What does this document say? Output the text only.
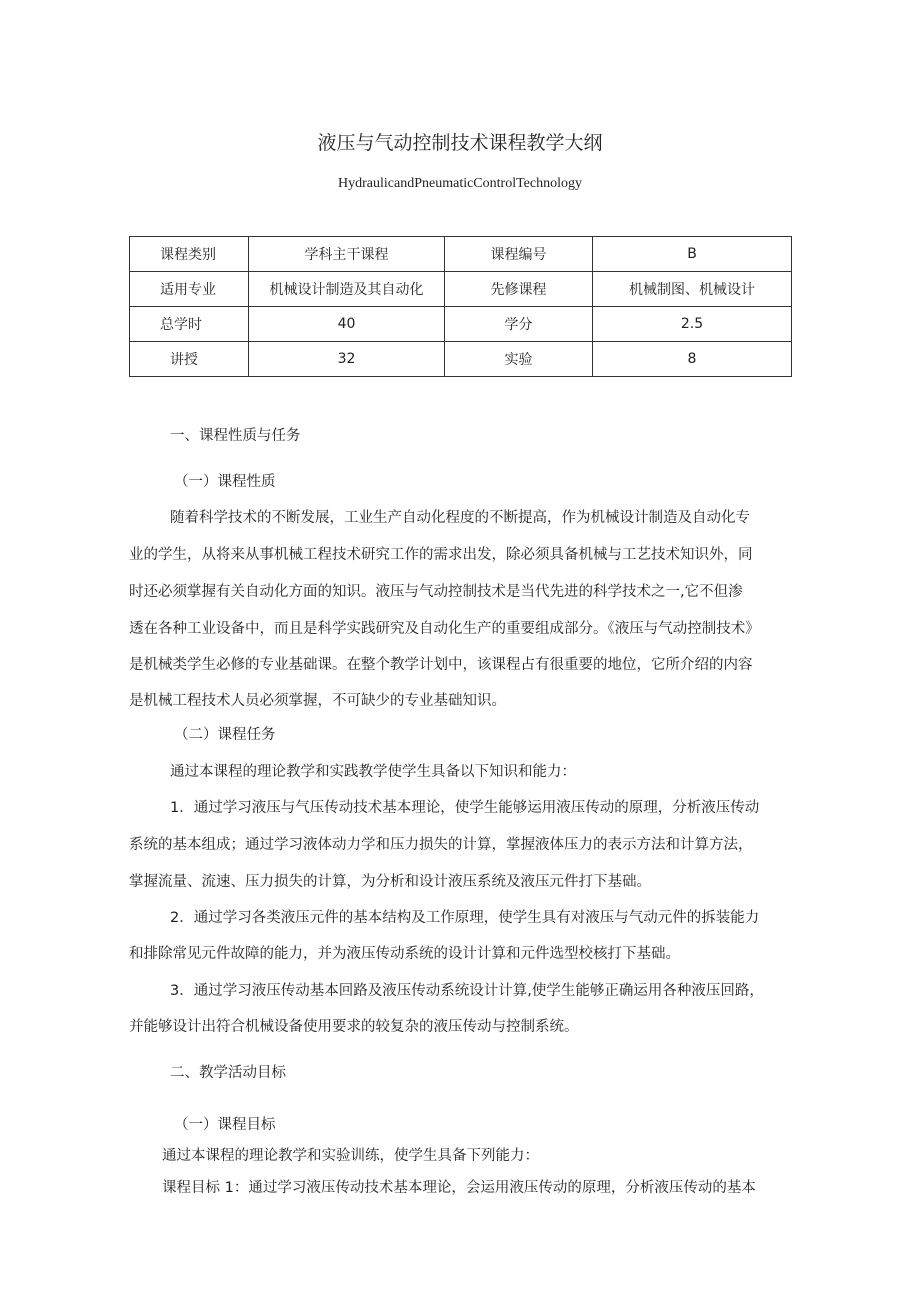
液压与气动控制技术课程教学大纲
HydraulicandPneumaticControlTechnology
课程类别	学科主干课程	课程编号	B
适用专业	机械设计制造及其自动化	先修课程	机械制图、机械设计
总学时	40	学分	2.5
讲授	32	实验	8
一、课程性质与任务
（一）课程性质
随着科学技术的不断发展，工业生产自动化程度的不断提高，作为机械设计制造及自动化专
业的学生，从将来从事机械工程技术研究工作的需求出发，除必须具备机械与工艺技术知识外，同
时还必须掌握有关自动化方面的知识。液压与气动控制技术是当代先进的科学技术之一,它不但渗
透在各种工业设备中，而且是科学实践研究及自动化生产的重要组成部分。《液压与气动控制技术》
是机械类学生必修的专业基础课。在整个教学计划中，该课程占有很重要的地位，它所介绍的内容
是机械工程技术人员必须掌握，不可缺少的专业基础知识。
（二）课程任务
通过本课程的理论教学和实践教学使学生具备以下知识和能力：
1．通过学习液压与气压传动技术基本理论，使学生能够运用液压传动的原理，分析液压传动
系统的基本组成；通过学习液体动力学和压力损失的计算，掌握液体压力的表示方法和计算方法，
掌握流量、流速、压力损失的计算，为分析和设计液压系统及液压元件打下基础。
2．通过学习各类液压元件的基本结构及工作原理，使学生具有对液压与气动元件的拆装能力
和排除常见元件故障的能力，并为液压传动系统的设计计算和元件选型校核打下基础。
3．通过学习液压传动基本回路及液压传动系统设计计算,使学生能够正确运用各种液压回路，
并能够设计出符合机械设备使用要求的较复杂的液压传动与控制系统。
二、教学活动目标
（一）课程目标
通过本课程的理论教学和实验训练，使学生具备下列能力：
课程目标 1：通过学习液压传动技术基本理论，会运用液压传动的原理，分析液压传动的基本
